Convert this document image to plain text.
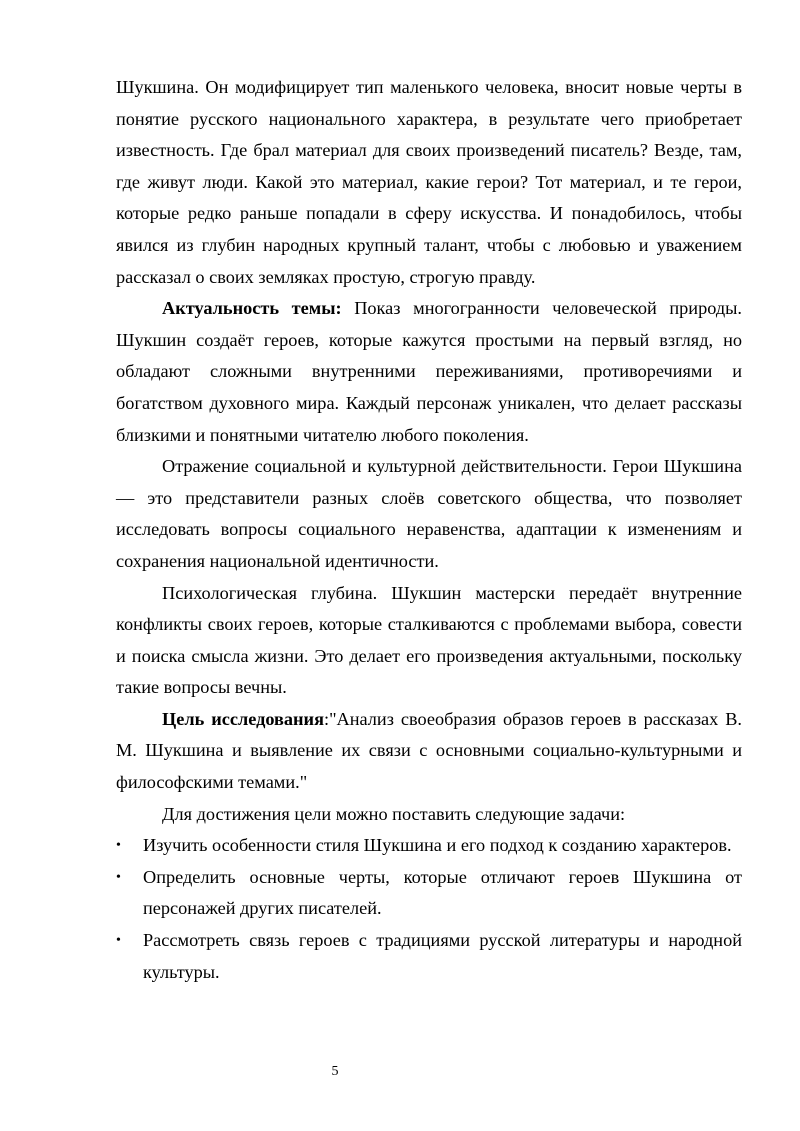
Шукшина. Он модифицирует тип маленького человека, вносит новые черты в понятие русского национального характера, в результате чего приобретает известность. Где брал материал для своих произведений писатель? Везде, там, где живут люди. Какой это материал, какие герои? Тот материал, и те герои, которые редко раньше попадали в сферу искусства. И понадобилось, чтобы явился из глубин народных крупный талант, чтобы с любовью и уважением рассказал о своих земляках простую, строгую правду.

Актуальность темы: Показ многогранности человеческой природы. Шукшин создаёт героев, которые кажутся простыми на первый взгляд, но обладают сложными внутренними переживаниями, противоречиями и богатством духовного мира. Каждый персонаж уникален, что делает рассказы близкими и понятными читателю любого поколения.

Отражение социальной и культурной действительности. Герои Шукшина — это представители разных слоёв советского общества, что позволяет исследовать вопросы социального неравенства, адаптации к изменениям и сохранения национальной идентичности.

Психологическая глубина. Шукшин мастерски передаёт внутренние конфликты своих героев, которые сталкиваются с проблемами выбора, совести и поиска смысла жизни. Это делает его произведения актуальными, поскольку такие вопросы вечны.

Цель исследования:"Анализ своеобразия образов героев в рассказах В. М. Шукшина и выявление их связи с основными социально-культурными и философскими темами."

Для достижения цели можно поставить следующие задачи:

• Изучить особенности стиля Шукшина и его подход к созданию характеров.
• Определить основные черты, которые отличают героев Шукшина от персонажей других писателей.
• Рассмотреть связь героев с традициями русской литературы и народной культуры.
5
